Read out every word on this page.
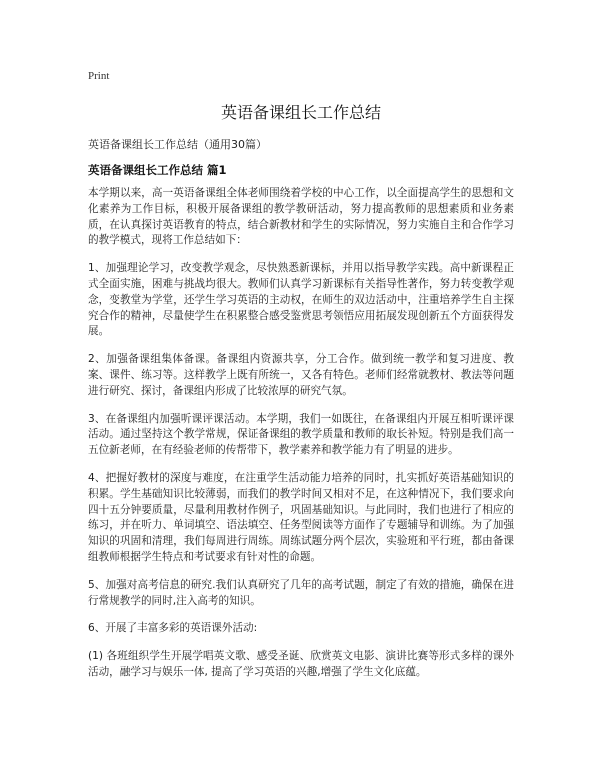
Print
英语备课组长工作总结
英语备课组长工作总结（通用30篇）
英语备课组长工作总结 篇1

本学期以来，高一英语备课组全体老师围绕着学校的中心工作，以全面提高学生的思想和文化素养为工作目标，积极开展备课组的教学教研活动，努力提高教师的思想素质和业务素质，在认真探讨英语教育的特点，结合新教材和学生的实际情况，努力实施自主和合作学习的教学模式，现将工作总结如下：

1、加强理论学习，改变教学观念，尽快熟悉新课标，并用以指导教学实践。高中新课程正式全面实施，困难与挑战均很大。教师们认真学习新课标有关指导性著作，努力转变教学观念，变教堂为学堂，还学生学习英语的主动权，在师生的双边活动中，注重培养学生自主探究合作的精神，尽量使学生在积累整合感受鉴赏思考领悟应用拓展发现创新五个方面获得发展。

2、加强备课组集体备课。备课组内资源共享，分工合作。做到统一教学和复习进度、教案、课件、练习等。这样教学上既有所统一，又各有特色。老师们经常就教材、教法等问题进行研究、探讨，备课组内形成了比较浓厚的研究气氛。

3、在备课组内加强听课评课活动。本学期，我们一如既往，在备课组内开展互相听课评课活动。通过坚持这个教学常规，保证备课组的教学质量和教师的取长补短。特别是我们高一五位新老师，在有经验老师的传帮带下，教学素养和教学能力有了明显的进步。

4、把握好教材的深度与难度，在注重学生活动能力培养的同时，扎实抓好英语基础知识的积累。学生基础知识比较薄弱，而我们的教学时间又相对不足，在这种情况下，我们要求向四十五分钟要质量，尽量利用教材作例子，巩固基础知识。与此同时，我们也进行了相应的练习，并在听力、单词填空、语法填空、任务型阅读等方面作了专题辅导和训练。为了加强知识的巩固和清理，我们每周进行周练。周练试题分两个层次，实验班和平行班，都由备课组教师根据学生特点和考试要求有针对性的命题。

5、加强对高考信息的研究.我们认真研究了几年的高考试题，制定了有效的措施，确保在进行常规教学的同时,注入高考的知识。

6、开展了丰富多彩的英语课外活动:

(1) 各班组织学生开展学唱英文歌、感受圣诞、欣赏英文电影、演讲比赛等形式多样的课外活动，融学习与娱乐一体, 提高了学习英语的兴趣,增强了学生文化底蕴。
